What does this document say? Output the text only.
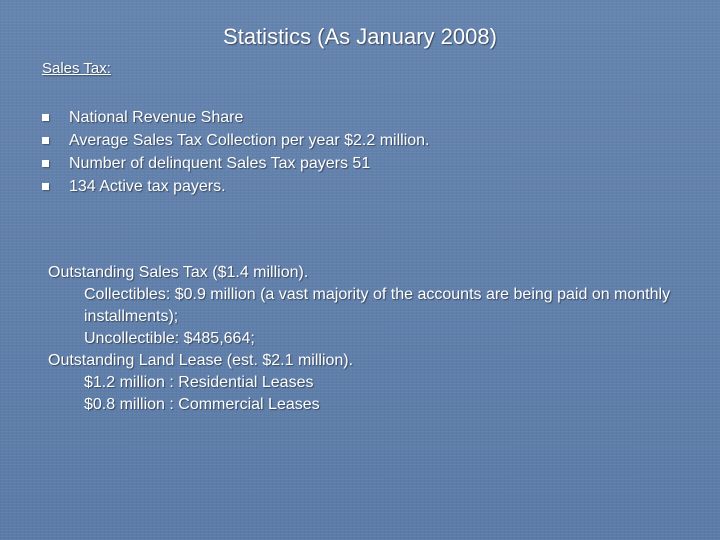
Statistics (As January 2008)
Sales Tax:
National Revenue Share
Average Sales Tax Collection per year $2.2 million.
Number of delinquent Sales Tax payers 51
134 Active tax payers.
Outstanding Sales Tax ($1.4 million).
Collectibles: $0.9 million (a vast majority of the accounts are being paid on monthly installments);
Uncollectible: $485,664;
Outstanding Land Lease (est. $2.1 million).
$1.2 million : Residential Leases
$0.8 million : Commercial Leases
